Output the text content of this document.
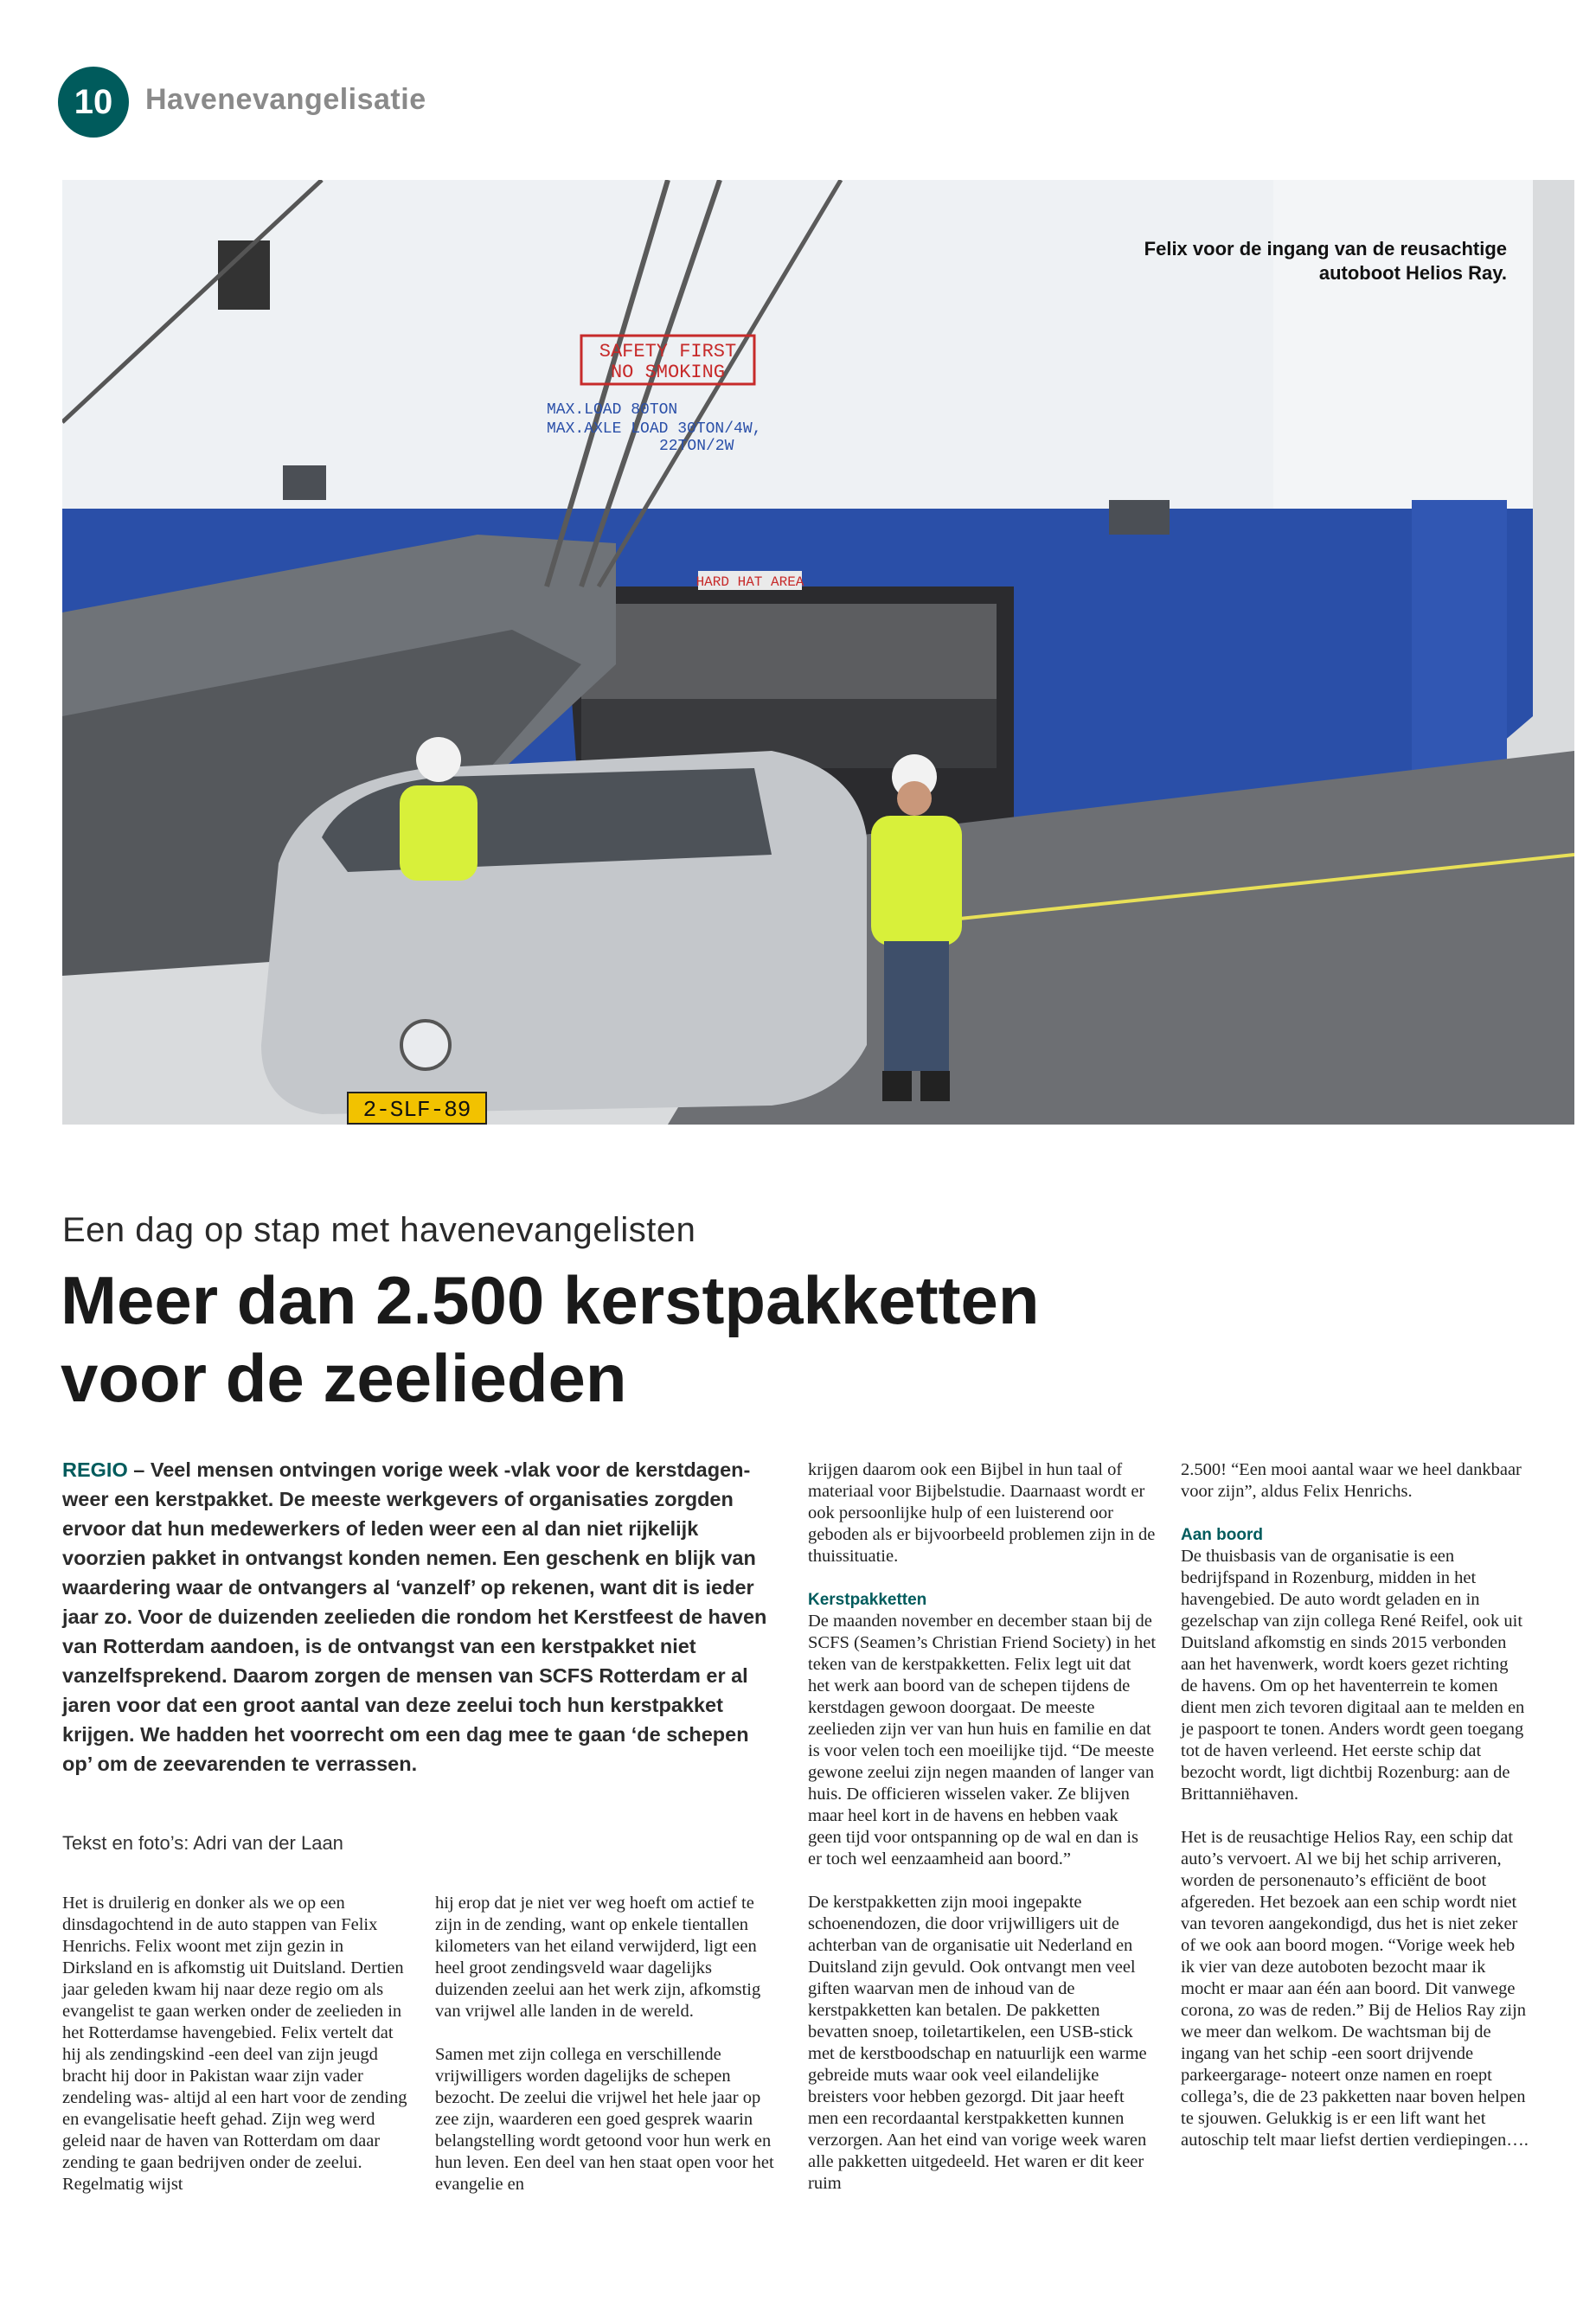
10	Havenevangelisatie
SAFETY FIRST
NO SMOKING
MAX.LOAD 80TON
MAX.AXLE LOAD 30TON/4W,
22TON/2W
HARD HAT AREA
2-SLF-89
Felix voor de ingang van de reusachtige autoboot Helios Ray.
Een dag op stap met havenevangelisten
Meer dan 2.500 kerstpakketten voor de zeelieden
REGIO – Veel mensen ontvingen vorige week -vlak voor de kerstdagen- weer een kerstpakket. De meeste werkgevers of organisaties zorgden ervoor dat hun medewerkers of leden weer een al dan niet rijkelijk voorzien pakket in ontvangst konden nemen. Een geschenk en blijk van waardering waar de ontvangers al ‘vanzelf’ op rekenen, want dit is ieder jaar zo. Voor de duizenden zeelieden die rondom het Kerstfeest de haven van Rotterdam aandoen, is de ontvangst van een kerstpakket niet vanzelfsprekend. Daarom zorgen de mensen van SCFS Rotterdam er al jaren voor dat een groot aantal van deze zeelui toch hun kerstpakket krijgen. We hadden het voorrecht om een dag mee te gaan ‘de schepen op’ om de zeevarenden te verrassen.
Tekst en foto’s: Adri van der Laan

Het is druilerig en donker als we op een dinsdagochtend in de auto stappen van Felix Henrichs. Felix woont met zijn gezin in Dirksland en is afkomstig uit Duitsland. Dertien jaar geleden kwam hij naar deze regio om als evangelist te gaan werken onder de zeelieden in het Rotterdamse havengebied. Felix vertelt dat hij als zendingskind -een deel van zijn jeugd bracht hij door in Pakistan waar zijn vader zendeling was- altijd al een hart voor de zending en evangelisatie heeft gehad. Zijn weg werd geleid naar de haven van Rotterdam om daar zending te gaan bedrijven onder de zeelui. Regelmatig wijst

hij erop dat je niet ver weg hoeft om actief te zijn in de zending, want op enkele tientallen kilometers van het eiland verwijderd, ligt een heel groot zendingsveld waar dagelijks duizenden zeelui aan het werk zijn, afkomstig van vrijwel alle landen in de wereld.

Samen met zijn collega en verschillende vrijwilligers worden dagelijks de schepen bezocht. De zeelui die vrijwel het hele jaar op zee zijn, waarderen een goed gesprek waarin belangstelling wordt getoond voor hun werk en hun leven. Een deel van hen staat open voor het evangelie en

krijgen daarom ook een Bijbel in hun taal of materiaal voor Bijbelstudie. Daarnaast wordt er ook persoonlijke hulp of een luisterend oor geboden als er bijvoorbeeld problemen zijn in de thuissituatie.

Kerstpakketten

De maanden november en december staan bij de SCFS (Seamen’s Christian Friend Society) in het teken van de kerstpakketten. Felix legt uit dat het werk aan boord van de schepen tijdens de kerstdagen gewoon doorgaat. De meeste zeelieden zijn ver van hun huis en familie en dat is voor velen toch een moeilijke tijd. “De meeste gewone zeelui zijn negen maanden of langer van huis. De officieren wisselen vaker. Ze blijven maar heel kort in de havens en hebben vaak geen tijd voor ontspanning op de wal en dan is er toch wel eenzaamheid aan boord.”

De kerstpakketten zijn mooi ingepakte schoenendozen, die door vrijwilligers uit de achterban van de organisatie uit Nederland en Duitsland zijn gevuld. Ook ontvangt men veel giften waarvan men de inhoud van de kerstpakketten kan betalen. De pakketten bevatten snoep, toiletartikelen, een USB-stick met de kerstboodschap en natuurlijk een warme gebreide muts waar ook veel eilandelijke breisters voor hebben gezorgd. Dit jaar heeft men een recordaantal kerstpakketten kunnen verzorgen. Aan het eind van vorige week waren alle pakketten uitgedeeld. Het waren er dit keer ruim

2.500! “Een mooi aantal waar we heel dankbaar voor zijn”, aldus Felix Henrichs.

Aan boord

De thuisbasis van de organisatie is een bedrijfspand in Rozenburg, midden in het havengebied. De auto wordt geladen en in gezelschap van zijn collega René Reifel, ook uit Duitsland afkomstig en sinds 2015 verbonden aan het havenwerk, wordt koers gezet richting de havens. Om op het haventerrein te komen dient men zich tevoren digitaal aan te melden en je paspoort te tonen. Anders wordt geen toegang tot de haven verleend. Het eerste schip dat bezocht wordt, ligt dichtbij Rozenburg: aan de Brittanniëhaven.

Het is de reusachtige Helios Ray, een schip dat auto’s vervoert. Al we bij het schip arriveren, worden de personenauto’s efficiënt de boot afgereden. Het bezoek aan een schip wordt niet van tevoren aangekondigd, dus het is niet zeker of we ook aan boord mogen. “Vorige week heb ik vier van deze autoboten bezocht maar ik mocht er maar aan één aan boord. Dit vanwege corona, zo was de reden.” Bij de Helios Ray zijn we meer dan welkom. De wachtsman bij de ingang van het schip -een soort drijvende parkeergarage- noteert onze namen en roept collega’s, die de 23 pakketten naar boven helpen te sjouwen. Gelukkig is er een lift want het autoschip telt maar liefst dertien verdiepingen….
